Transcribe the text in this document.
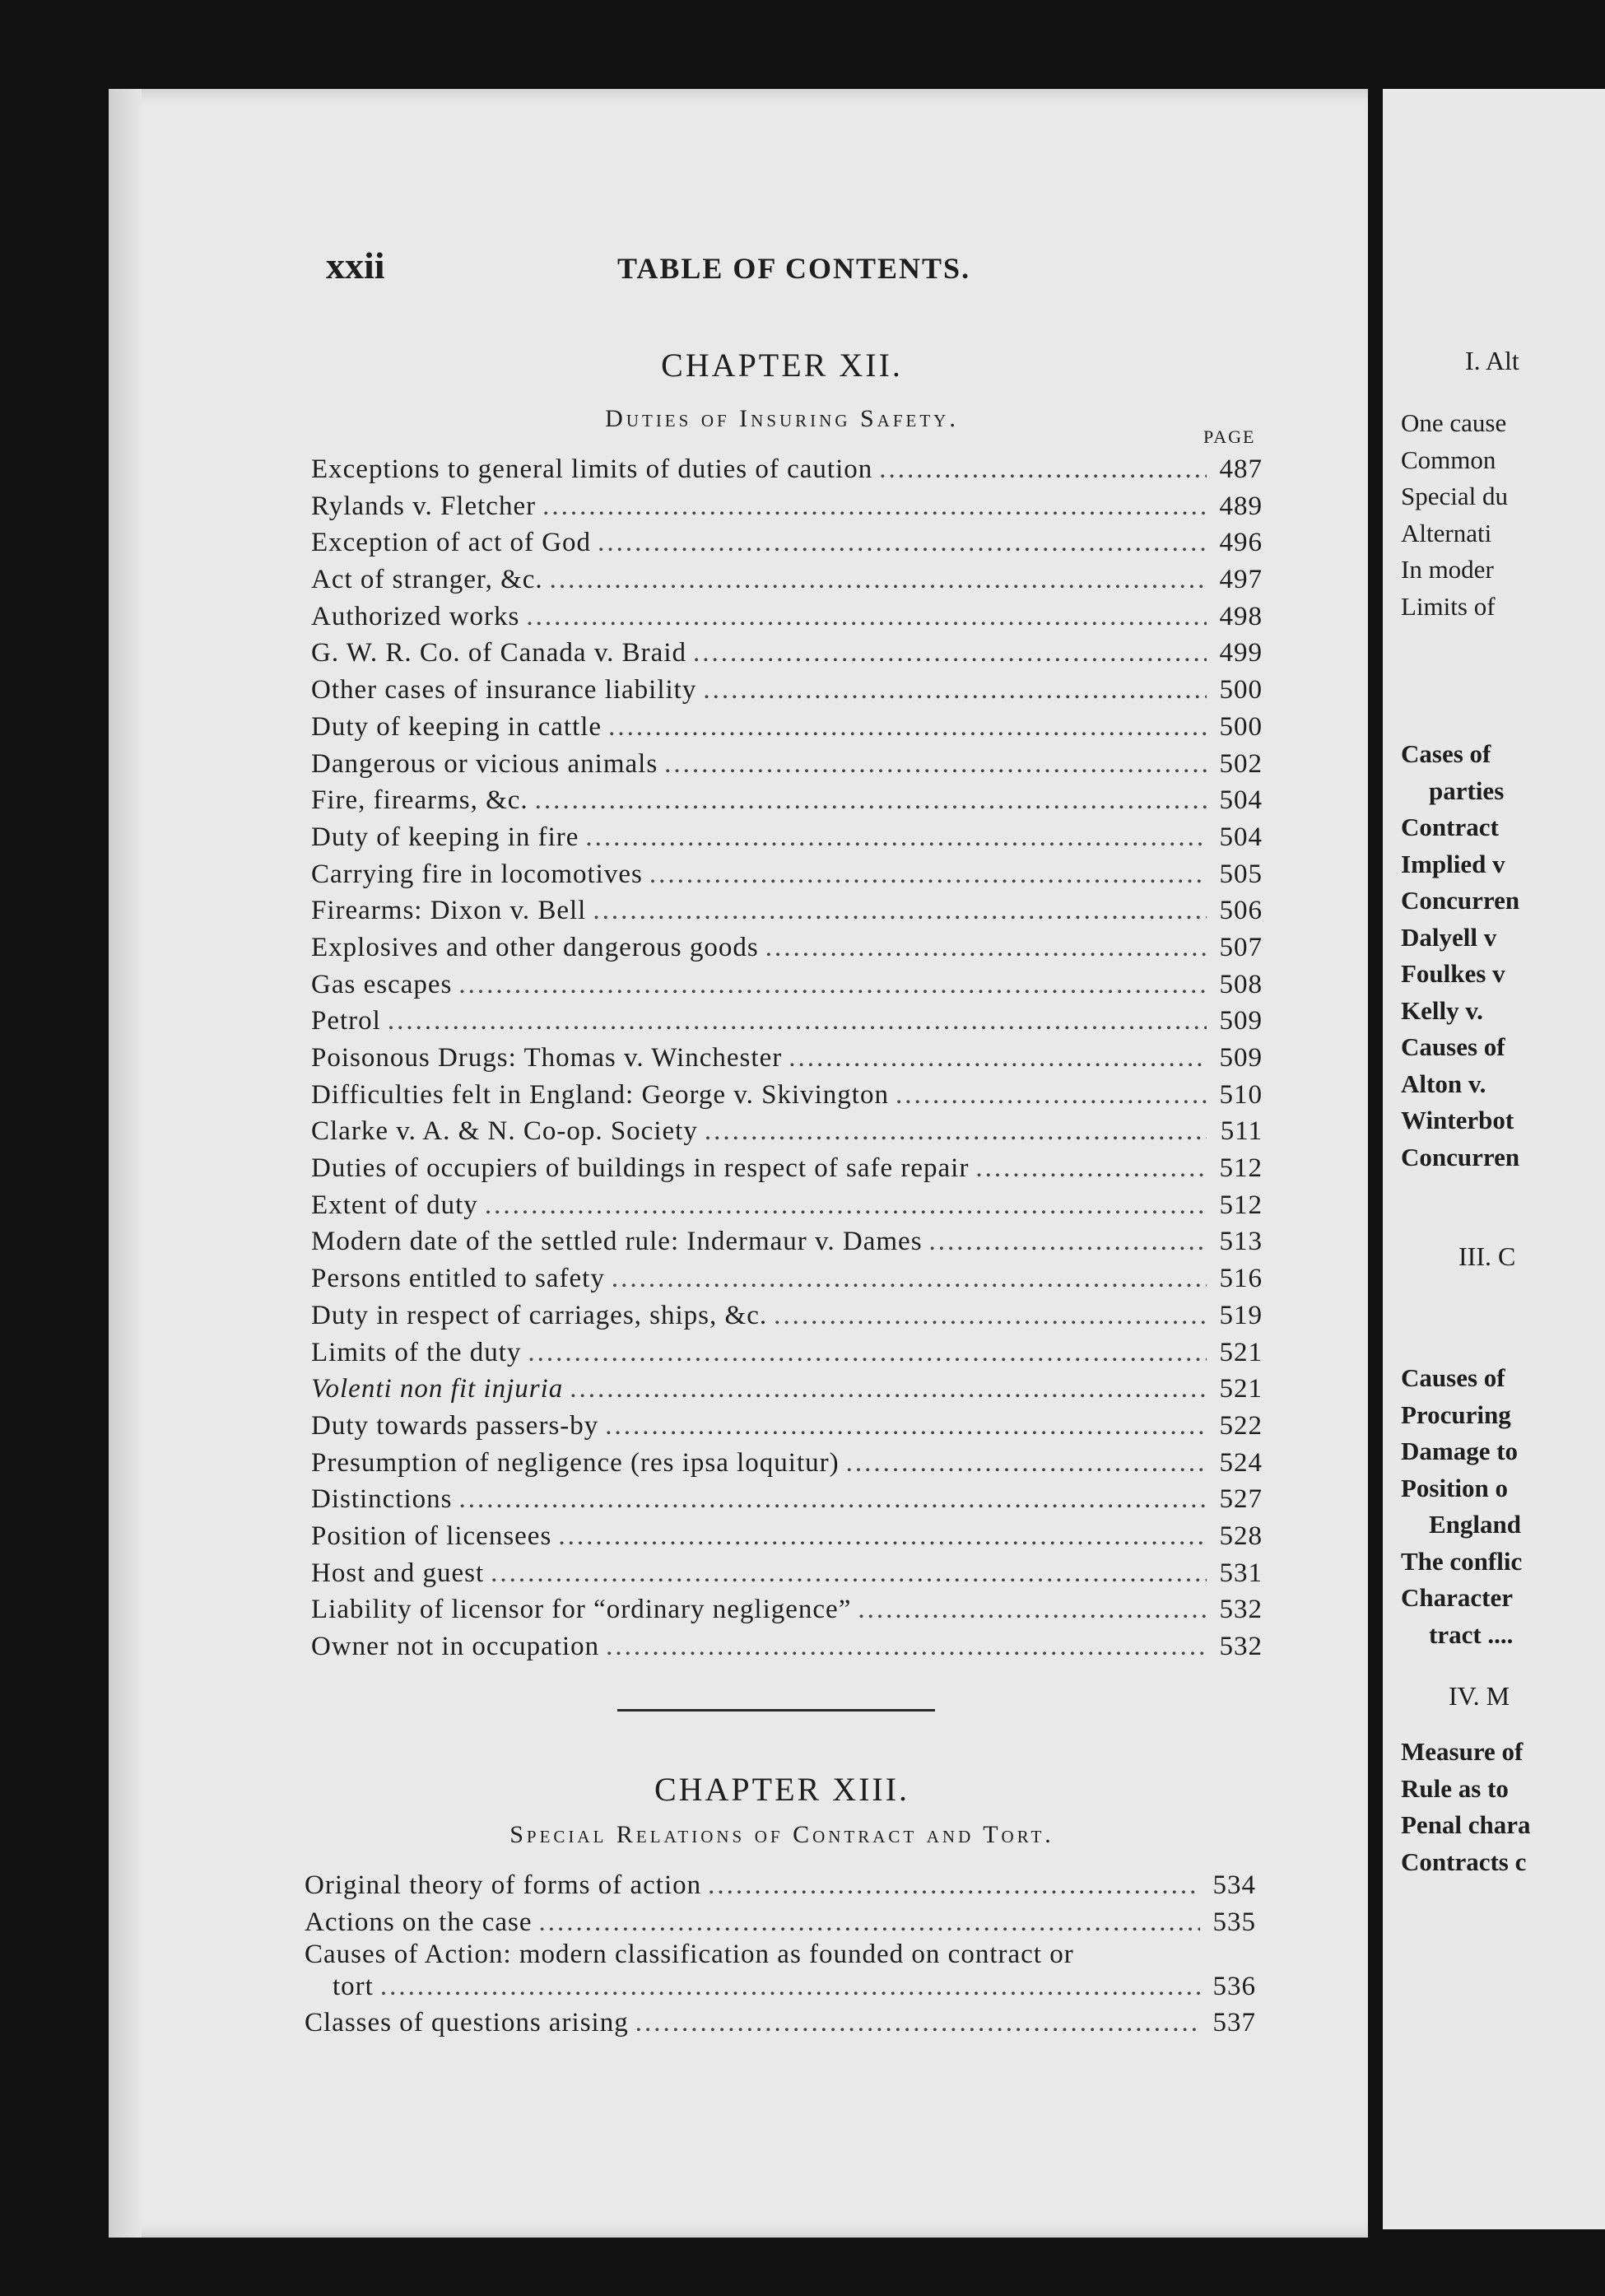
xxii	TABLE OF CONTENTS.
CHAPTER XII.
Duties of Insuring Safety.
PAGE
Exceptions to general limits of duties of caution .....	487
Rylands v. Fletcher .....	489
Exception of act of God .....	496
Act of stranger, &c. .....	497
Authorized works .....	498
G. W. R. Co. of Canada v. Braid .....	499
Other cases of insurance liability .....	500
Duty of keeping in cattle .....	500
Dangerous or vicious animals .....	502
Fire, firearms, &c. .....	504
Duty of keeping in fire .....	504
Carrying fire in locomotives .....	505
Firearms: Dixon v. Bell .....	506
Explosives and other dangerous goods .....	507
Gas escapes .....	508
Petrol .....	509
Poisonous Drugs: Thomas v. Winchester .....	509
Difficulties felt in England: George v. Skivington .....	510
Clarke v. A. & N. Co-op. Society .....	511
Duties of occupiers of buildings in respect of safe repair .....	512
Extent of duty .....	512
Modern date of the settled rule: Indermaur v. Dames .....	513
Persons entitled to safety .....	516
Duty in respect of carriages, ships, &c. .....	519
Limits of the duty .....	521
Volenti non fit injuria .....	521
Duty towards passers-by .....	522
Presumption of negligence (res ipsa loquitur) .....	524
Distinctions .....	527
Position of licensees .....	528
Host and guest .....	531
Liability of licensor for “ordinary negligence” .....	532
Owner not in occupation .....	532
CHAPTER XIII.
Special Relations of Contract and Tort.
Original theory of forms of action .....	534
Actions on the case .....	535
Causes of Action: modern classification as founded on contract or
tort .....	536
Classes of questions arising .....	537
I. Alt
One cause
Common
Special du
Alternati
In moder
Limits of
Cases of
parties
Contract
Implied v
Concurren
Dalyell v
Foulkes v
Kelly v.
Causes of
Alton v.
Winterbot
Concurren
III. C
Causes of
Procuring
Damage to
Position o
England
The conflic
Character
tract ....
IV. M
Measure of
Rule as to
Penal chara
Contracts c
